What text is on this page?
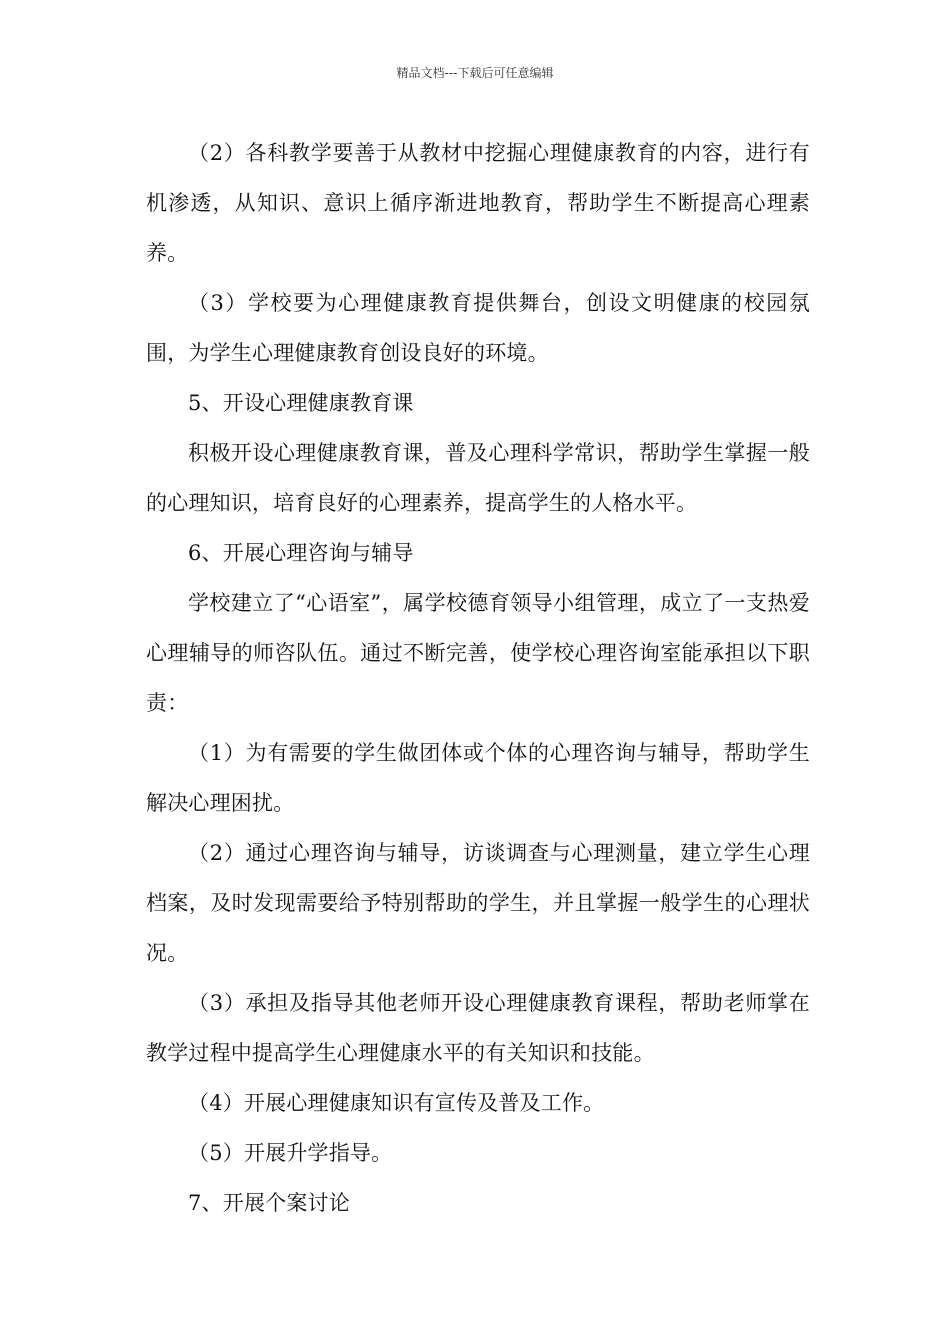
精品文档---下载后可任意编辑

（2）各科教学要善于从教材中挖掘心理健康教育的内容，进行有机渗透，从知识、意识上循序渐进地教育，帮助学生不断提高心理素养。

（3）学校要为心理健康教育提供舞台，创设文明健康的校园氛围，为学生心理健康教育创设良好的环境。

5、开设心理健康教育课

积极开设心理健康教育课，普及心理科学常识，帮助学生掌握一般的心理知识，培育良好的心理素养，提高学生的人格水平。

6、开展心理咨询与辅导

学校建立了“心语室”，属学校德育领导小组管理，成立了一支热爱心理辅导的师咨队伍。通过不断完善，使学校心理咨询室能承担以下职责：

（1）为有需要的学生做团体或个体的心理咨询与辅导，帮助学生解决心理困扰。

（2）通过心理咨询与辅导，访谈调查与心理测量，建立学生心理档案，及时发现需要给予特别帮助的学生，并且掌握一般学生的心理状况。

（3）承担及指导其他老师开设心理健康教育课程，帮助老师掌在教学过程中提高学生心理健康水平的有关知识和技能。

（4）开展心理健康知识有宣传及普及工作。

（5）开展升学指导。

7、开展个案讨论
